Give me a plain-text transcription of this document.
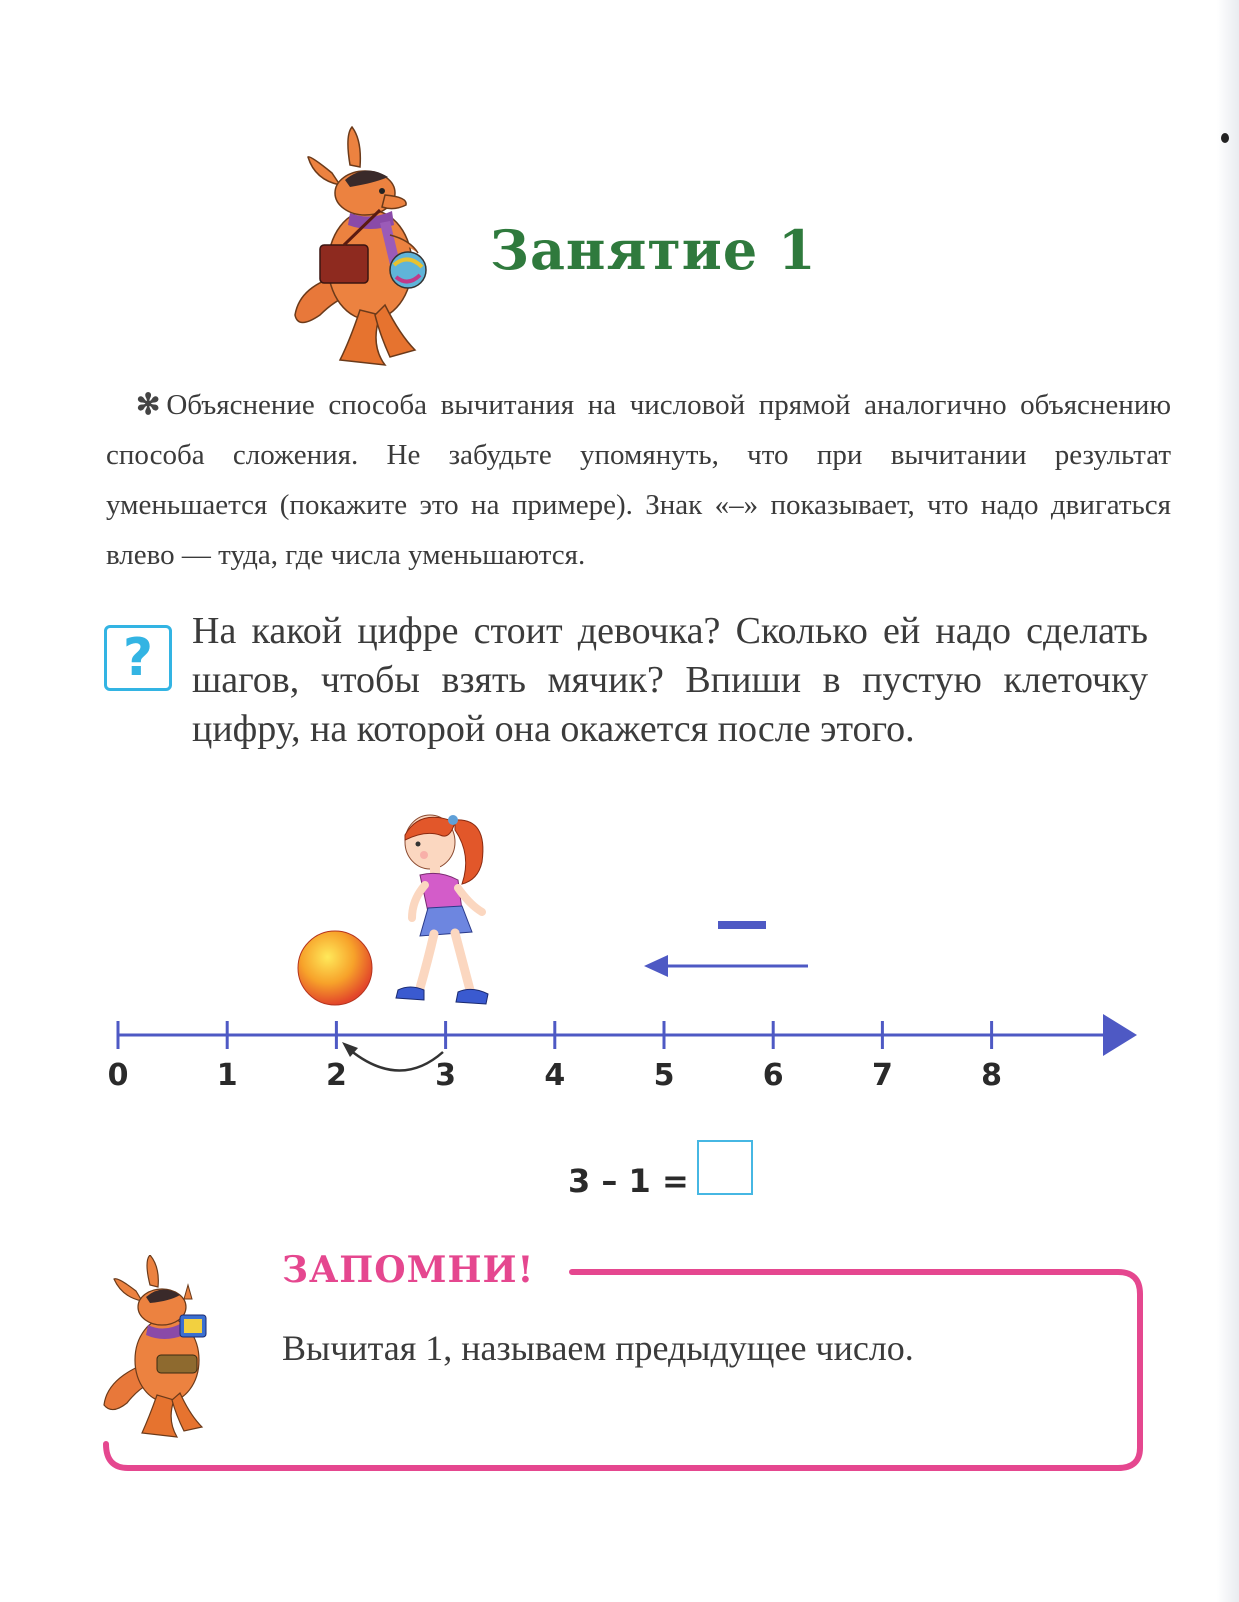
Занятие 1
✻ Объяснение способа вычитания на числовой прямой аналогично объяснению способа сложения. Не забудьте упомянуть, что при вычитании результат уменьшается (покажите это на примере). Знак «–» показывает, что надо двигаться влево — туда, где числа уменьшаются.
? На какой цифре стоит девочка? Сколько ей надо сделать шагов, чтобы взять мячик? Впиши в пустую клеточку цифру, на которой она окажется после этого.
0	1	2	3	4	5	6	7	8
3 – 1 =
ЗАПОМНИ!
Вычитая 1, называем предыдущее число.
